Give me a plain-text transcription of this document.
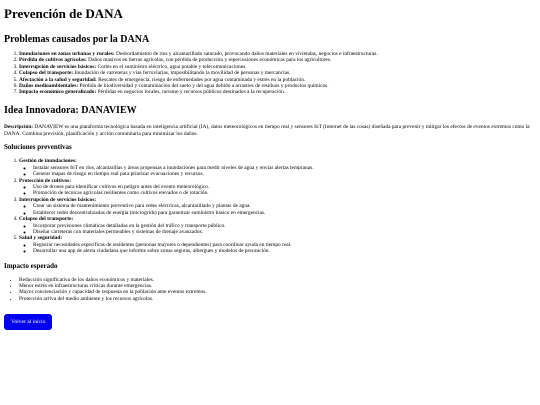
Prevención de DANA
Problemas causados por la DANA
1. Inundaciones en zonas urbanas y rurales: Desbordamiento de ríos y alcantarillado saturado, provocando daños materiales en viviendas, negocios e infraestructuras.
2. Pérdida de cultivos agrícolas: Daños masivos en tierras agrícolas, con pérdida de producción y repercusiones económicas para los agricultores.
3. Interrupción de servicios básicos: Cortes en el suministro eléctrico, agua potable y telecomunicaciones.
4. Colapso del transporte: Inundación de carreteras y vías ferroviarias, imposibilitando la movilidad de personas y mercancías.
5. Afectación a la salud y seguridad: Rescates de emergencia, riesgo de enfermedades por agua contaminada y estrés en la población.
6. Daños medioambientales: Pérdida de biodiversidad y contaminación del suelo y del agua debido a arrastres de residuos y productos químicos.
7. Impacto económico generalizado: Pérdidas en negocios locales, turismo y recursos públicos destinados a la recuperación.
Idea Innovadora: DANAVIEW

Descripción: DANAVIEW es una plataforma tecnológica basada en inteligencia artificial (IA), datos meteorológicos en tiempo real y sensores IoT (Internet de las cosas) diseñada para prevenir y mitigar los efectos de eventos extremos como la DANA. Combina previsión, planificación y acción comunitaria para minimizar los daños.

Soluciones preventivas
1. Gestión de inundaciones:
◦ Instalar sensores IoT en ríos, alcantarillas y áreas propensas a inundaciones para medir niveles de agua y enviar alertas tempranas.
◦ Generar mapas de riesgo en tiempo real para priorizar evacuaciones y recursos.
2. Protección de cultivos:
◦ Uso de drones para identificar cultivos en peligro antes del evento meteorológico.
◦ Promoción de técnicas agrícolas resilientes como cultivos elevados o de rotación.
3. Interrupción de servicios básicos:
◦ Crear un sistema de mantenimiento preventivo para redes eléctricas, alcantarillado y plantas de agua.
◦ Establecer redes descentralizadas de energía (microgrids) para garantizar suministro básico en emergencias.
4. Colapso del transporte:
◦ Incorporar previsiones climáticas detalladas en la gestión del tráfico y transporte público.
◦ Diseñar carreteras con materiales permeables y sistemas de drenaje avanzados.
5. Salud y seguridad:
◦ Registrar necesidades específicas de residentes (personas mayores o dependientes) para coordinar ayuda en tiempo real.
◦ Desarrollar una app de alerta ciudadana que informe sobre zonas seguras, albergues y modelos de precaución.
Impacto esperado
• Reducción significativa de los daños económicos y materiales.
• Menor estrés en infraestructuras críticas durante emergencias.
• Mayor concienciación y capacidad de respuesta en la población ante eventos extremos.
• Protección activa del medio ambiente y los recursos agrícolas.
Volver al inicio
